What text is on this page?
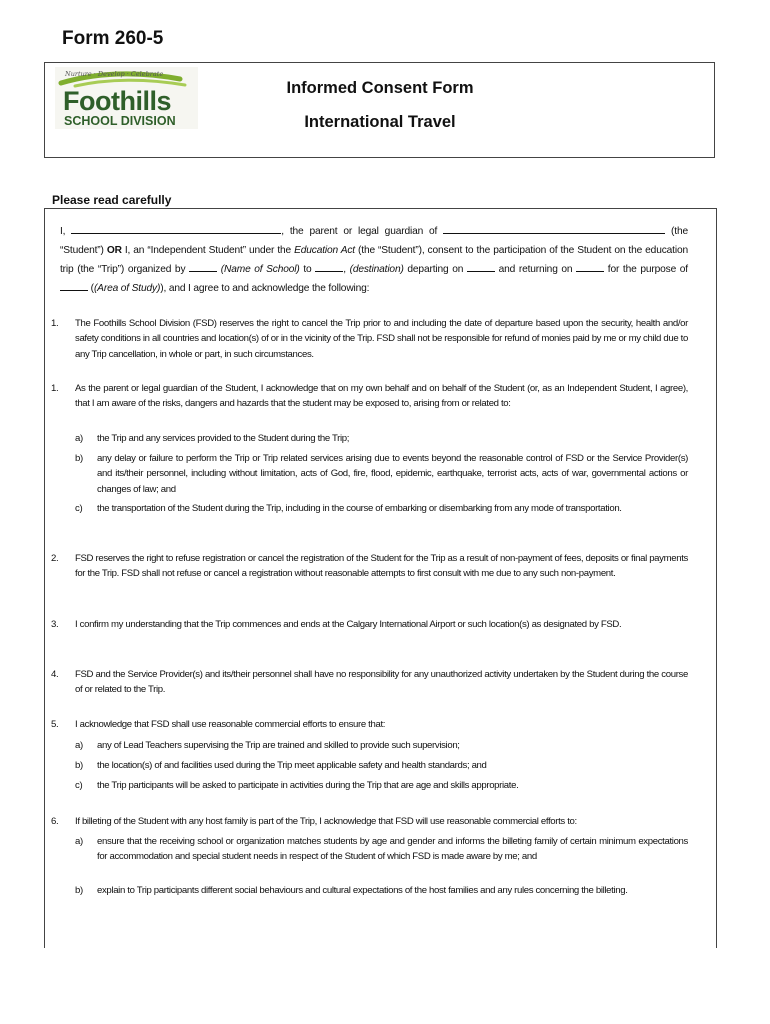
Form 260-5
Nurture · Develop · Celebrate
Foothills
SCHOOL DIVISION
Informed Consent Form
International Travel
Please read carefully
I,	, the parent or legal guardian of	(the “Student”) OR I, an “Independent Student” under the Education Act (the “Student”), consent to the participation of the Student on the education trip (the “Trip”) organized by	(Name of School) to	, (destination) departing on	and returning on	for the purpose of  ((Area of Study)), and I agree to and acknowledge the following:
1. The Foothills School Division (FSD) reserves the right to cancel the Trip prior to and including the date of departure based upon the security, health and/or safety conditions in all countries and location(s) of or in the vicinity of the Trip. FSD shall not be responsible for refund of monies paid by me or my child due to any Trip cancellation, in whole or part, in such circumstances.
1. As the parent or legal guardian of the Student, I acknowledge that on my own behalf and on behalf of the Student (or, as an Independent Student, I agree), that I am aware of the risks, dangers and hazards that the student may be exposed to, arising from or related to:
a) the Trip and any services provided to the Student during the Trip;
b) any delay or failure to perform the Trip or Trip related services arising due to events beyond the reasonable control of FSD or the Service Provider(s) and its/their personnel, including without limitation, acts of God, fire, flood, epidemic, earthquake, terrorist acts, acts of war, governmental actions or changes of law; and
c) the transportation of the Student during the Trip, including in the course of embarking or disembarking from any mode of transportation.
2. FSD reserves the right to refuse registration or cancel the registration of the Student for the Trip as a result of non-payment of fees, deposits or final payments for the Trip. FSD shall not refuse or cancel a registration without reasonable attempts to first consult with me due to any such non-payment.
3. I confirm my understanding that the Trip commences and ends at the Calgary International Airport or such location(s) as designated by FSD.
4. FSD and the Service Provider(s) and its/their personnel shall have no responsibility for any unauthorized activity undertaken by the Student during the course of or related to the Trip.
5. I acknowledge that FSD shall use reasonable commercial efforts to ensure that:
a) any of Lead Teachers supervising the Trip are trained and skilled to provide such supervision;
b) the location(s) of and facilities used during the Trip meet applicable safety and health standards; and
c) the Trip participants will be asked to participate in activities during the Trip that are age and skills appropriate.
6. If billeting of the Student with any host family is part of the Trip, I acknowledge that FSD will use reasonable commercial efforts to:
a) ensure that the receiving school or organization matches students by age and gender and informs the billeting family of certain minimum expectations for accommodation and special student needs in respect of the Student of which FSD is made aware by me; and
b) explain to Trip participants different social behaviours and cultural expectations of the host families and any rules concerning the billeting.
